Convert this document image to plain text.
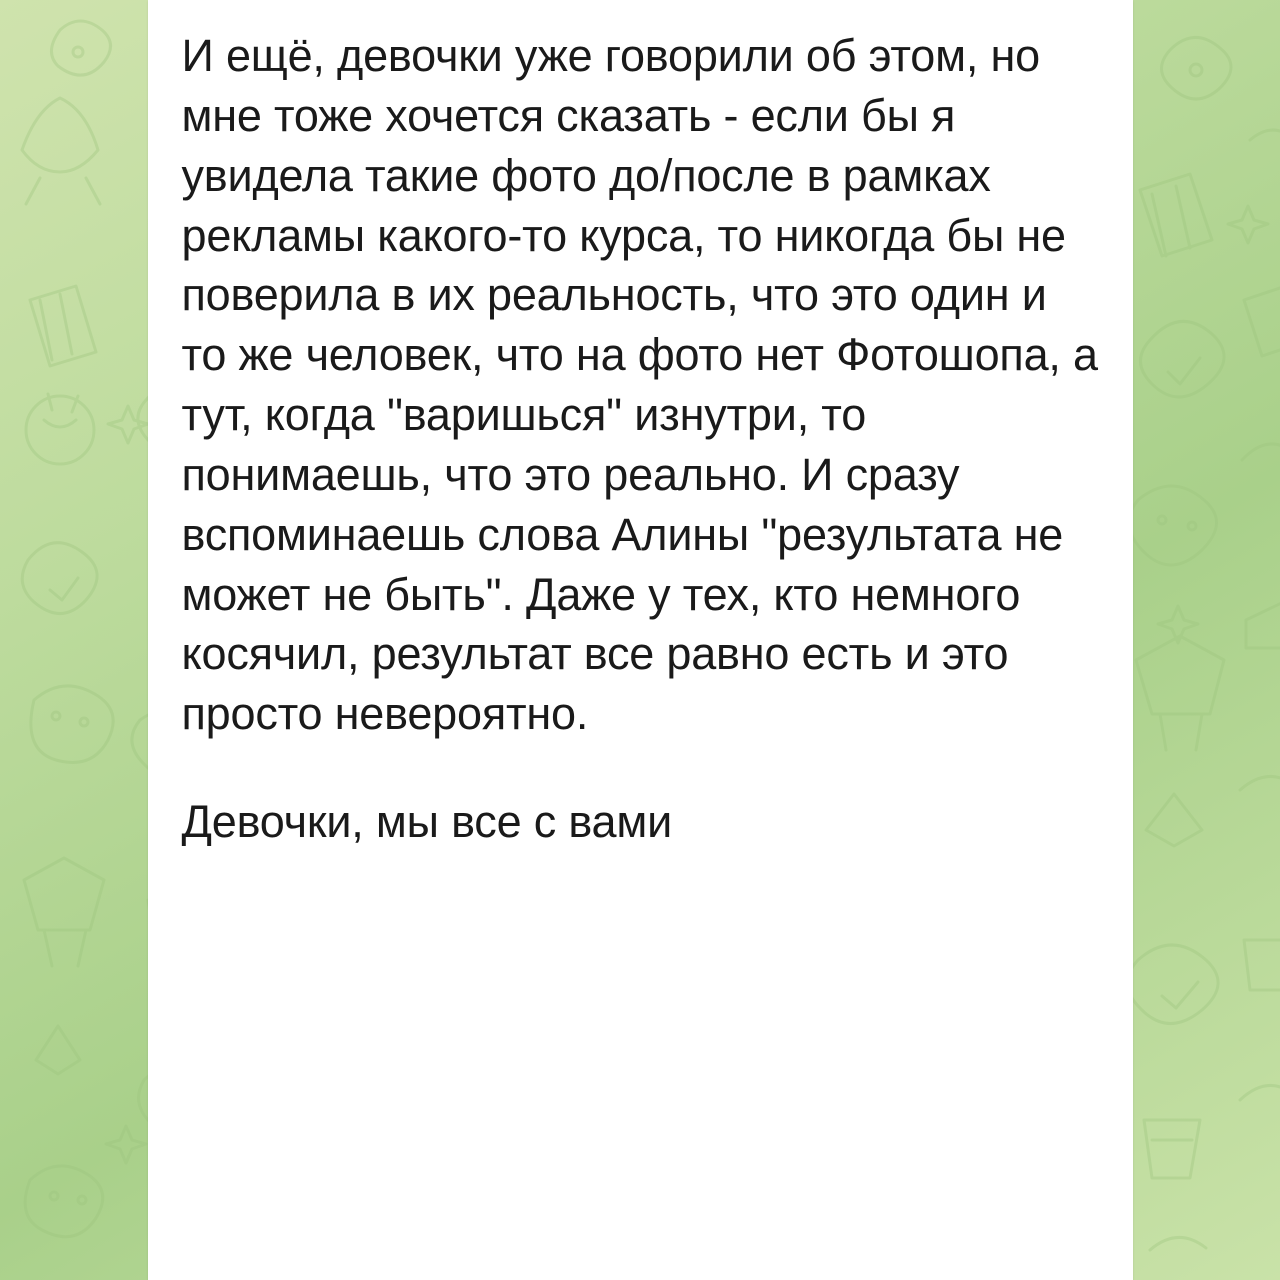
И ещё, девочки уже говорили об этом, но мне тоже хочется сказать - если бы я увидела такие фото до/после в рамках рекламы какого-то курса, то никогда бы не поверила в их реальность, что это один и то же человек, что на фото нет Фотошопа, а тут, когда "варишься" изнутри, то понимаешь, что это реально. И сразу вспоминаешь слова Алины "результата не может не быть". Даже у тех, кто немного косячил, результат все равно есть и это просто невероятно.
Девочки, мы все с вами
